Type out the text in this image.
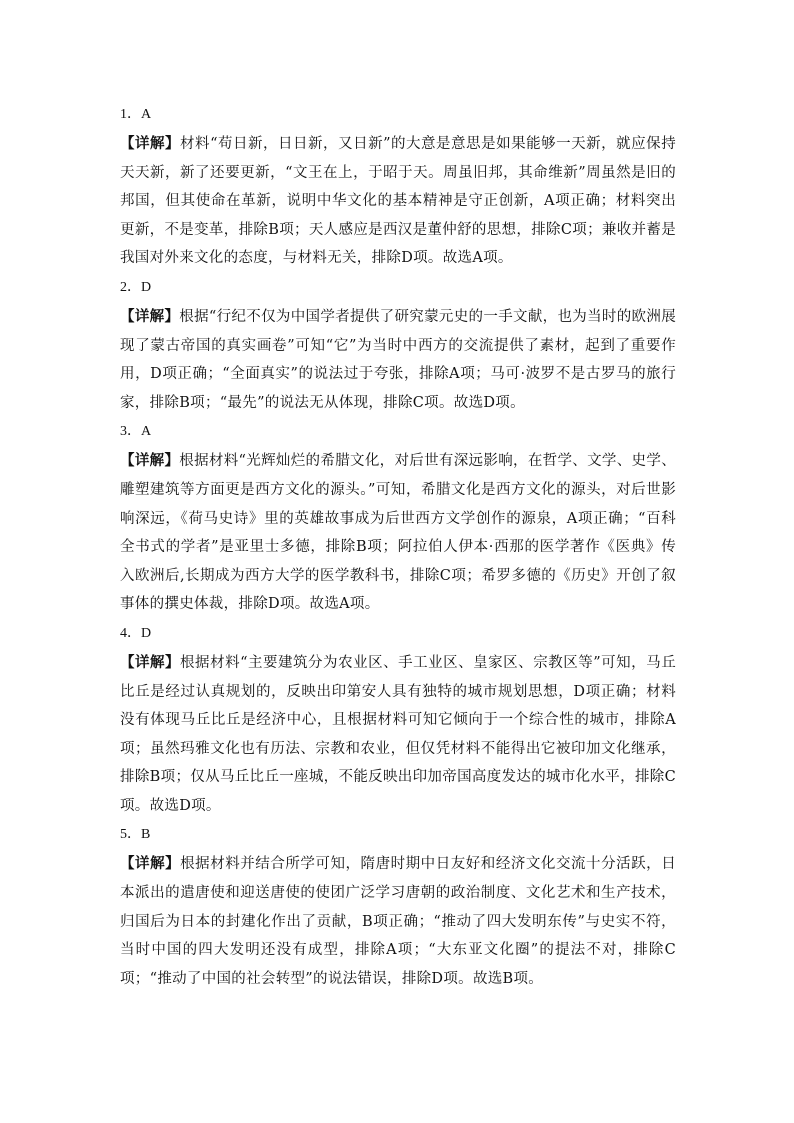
1．A

【详解】材料“苟日新，日日新，又日新”的大意是意思是如果能够一天新，就应保持天天新，新了还要更新，“文王在上，于昭于天。周虽旧邦，其命维新”周虽然是旧的邦国，但其使命在革新，说明中华文化的基本精神是守正创新，A项正确；材料突出更新，不是变革，排除B项；天人感应是西汉是董仲舒的思想，排除C项；兼收并蓄是我国对外来文化的态度，与材料无关，排除D项。故选A项。

2．D

【详解】根据“行纪不仅为中国学者提供了研究蒙元史的一手文献，也为当时的欧洲展现了蒙古帝国的真实画卷”可知“它”为当时中西方的交流提供了素材，起到了重要作用，D项正确；“全面真实”的说法过于夸张，排除A项；马可·波罗不是古罗马的旅行家，排除B项；“最先”的说法无从体现，排除C项。故选D项。

3．A

【详解】根据材料“光辉灿烂的希腊文化，对后世有深远影响，在哲学、文学、史学、雕塑建筑等方面更是西方文化的源头。”可知，希腊文化是西方文化的源头，对后世影响深远，《荷马史诗》里的英雄故事成为后世西方文学创作的源泉，A项正确；“百科全书式的学者”是亚里士多德，排除B项；阿拉伯人伊本·西那的医学著作《医典》传入欧洲后,长期成为西方大学的医学教科书，排除C项；希罗多德的《历史》开创了叙事体的撰史体裁，排除D项。故选A项。

4．D

【详解】根据材料“主要建筑分为农业区、手工业区、皇家区、宗教区等”可知，马丘比丘是经过认真规划的，反映出印第安人具有独特的城市规划思想，D项正确；材料没有体现马丘比丘是经济中心，且根据材料可知它倾向于一个综合性的城市，排除A项；虽然玛雅文化也有历法、宗教和农业，但仅凭材料不能得出它被印加文化继承，排除B项；仅从马丘比丘一座城，不能反映出印加帝国高度发达的城市化水平，排除C项。故选D项。

5．B

【详解】根据材料并结合所学可知，隋唐时期中日友好和经济文化交流十分活跃，日本派出的遣唐使和迎送唐使的使团广泛学习唐朝的政治制度、文化艺术和生产技术，归国后为日本的封建化作出了贡献，B项正确；“推动了四大发明东传”与史实不符，当时中国的四大发明还没有成型，排除A项；“大东亚文化圈”的提法不对，排除C项；“推动了中国的社会转型”的说法错误，排除D项。故选B项。
